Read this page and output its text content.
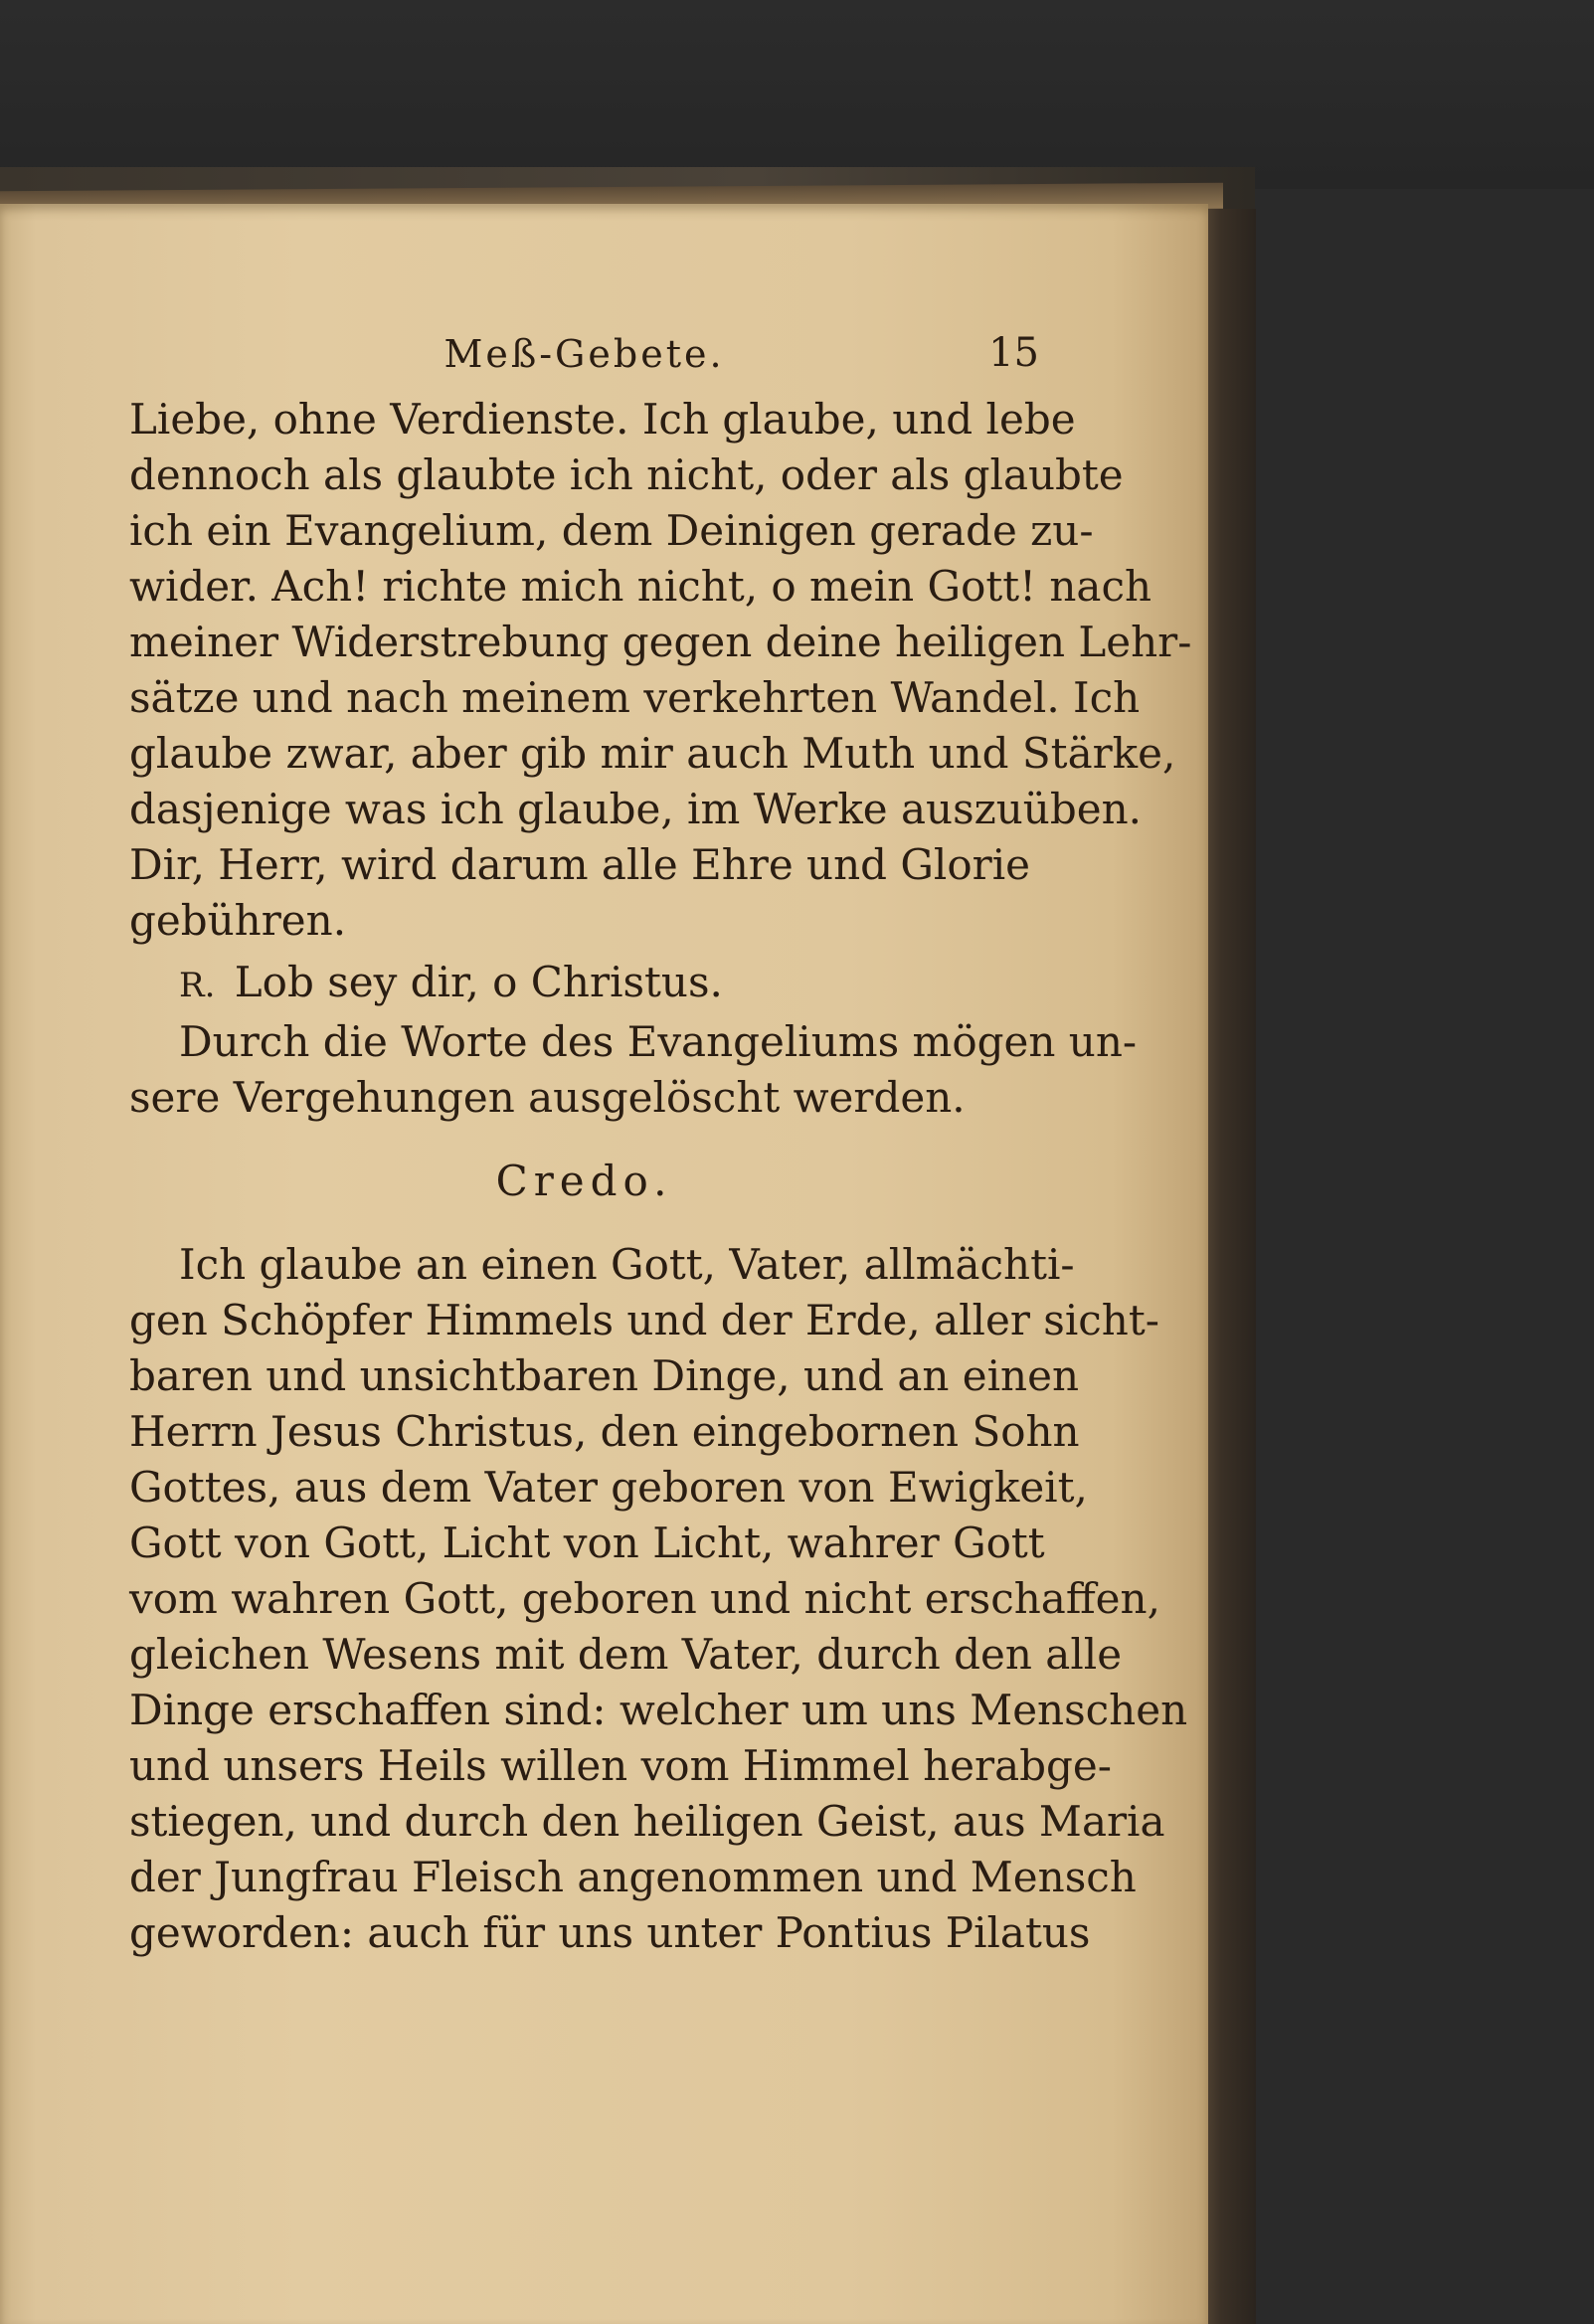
Meß-Gebete.	15
Liebe, ohne Verdienste. Ich glaube, und lebe
dennoch als glaubte ich nicht, oder als glaubte
ich ein Evangelium, dem Deinigen gerade zu-
wider. Ach! richte mich nicht, o mein Gott! nach
meiner Widerstrebung gegen deine heiligen Lehr-
sätze und nach meinem verkehrten Wandel. Ich
glaube zwar, aber gib mir auch Muth und Stärke,
dasjenige was ich glaube, im Werke auszuüben.
Dir, Herr, wird darum alle Ehre und Glorie
gebühren.
R. Lob sey dir, o Christus.
Durch die Worte des Evangeliums mögen un-
sere Vergehungen ausgelöscht werden.
Credo.
Ich glaube an einen Gott, Vater, allmächti-
gen Schöpfer Himmels und der Erde, aller sicht-
baren und unsichtbaren Dinge, und an einen
Herrn Jesus Christus, den eingebornen Sohn
Gottes, aus dem Vater geboren von Ewigkeit,
Gott von Gott, Licht von Licht, wahrer Gott
vom wahren Gott, geboren und nicht erschaffen,
gleichen Wesens mit dem Vater, durch den alle
Dinge erschaffen sind: welcher um uns Menschen
und unsers Heils willen vom Himmel herabge-
stiegen, und durch den heiligen Geist, aus Maria
der Jungfrau Fleisch angenommen und Mensch
geworden: auch für uns unter Pontius Pilatus
